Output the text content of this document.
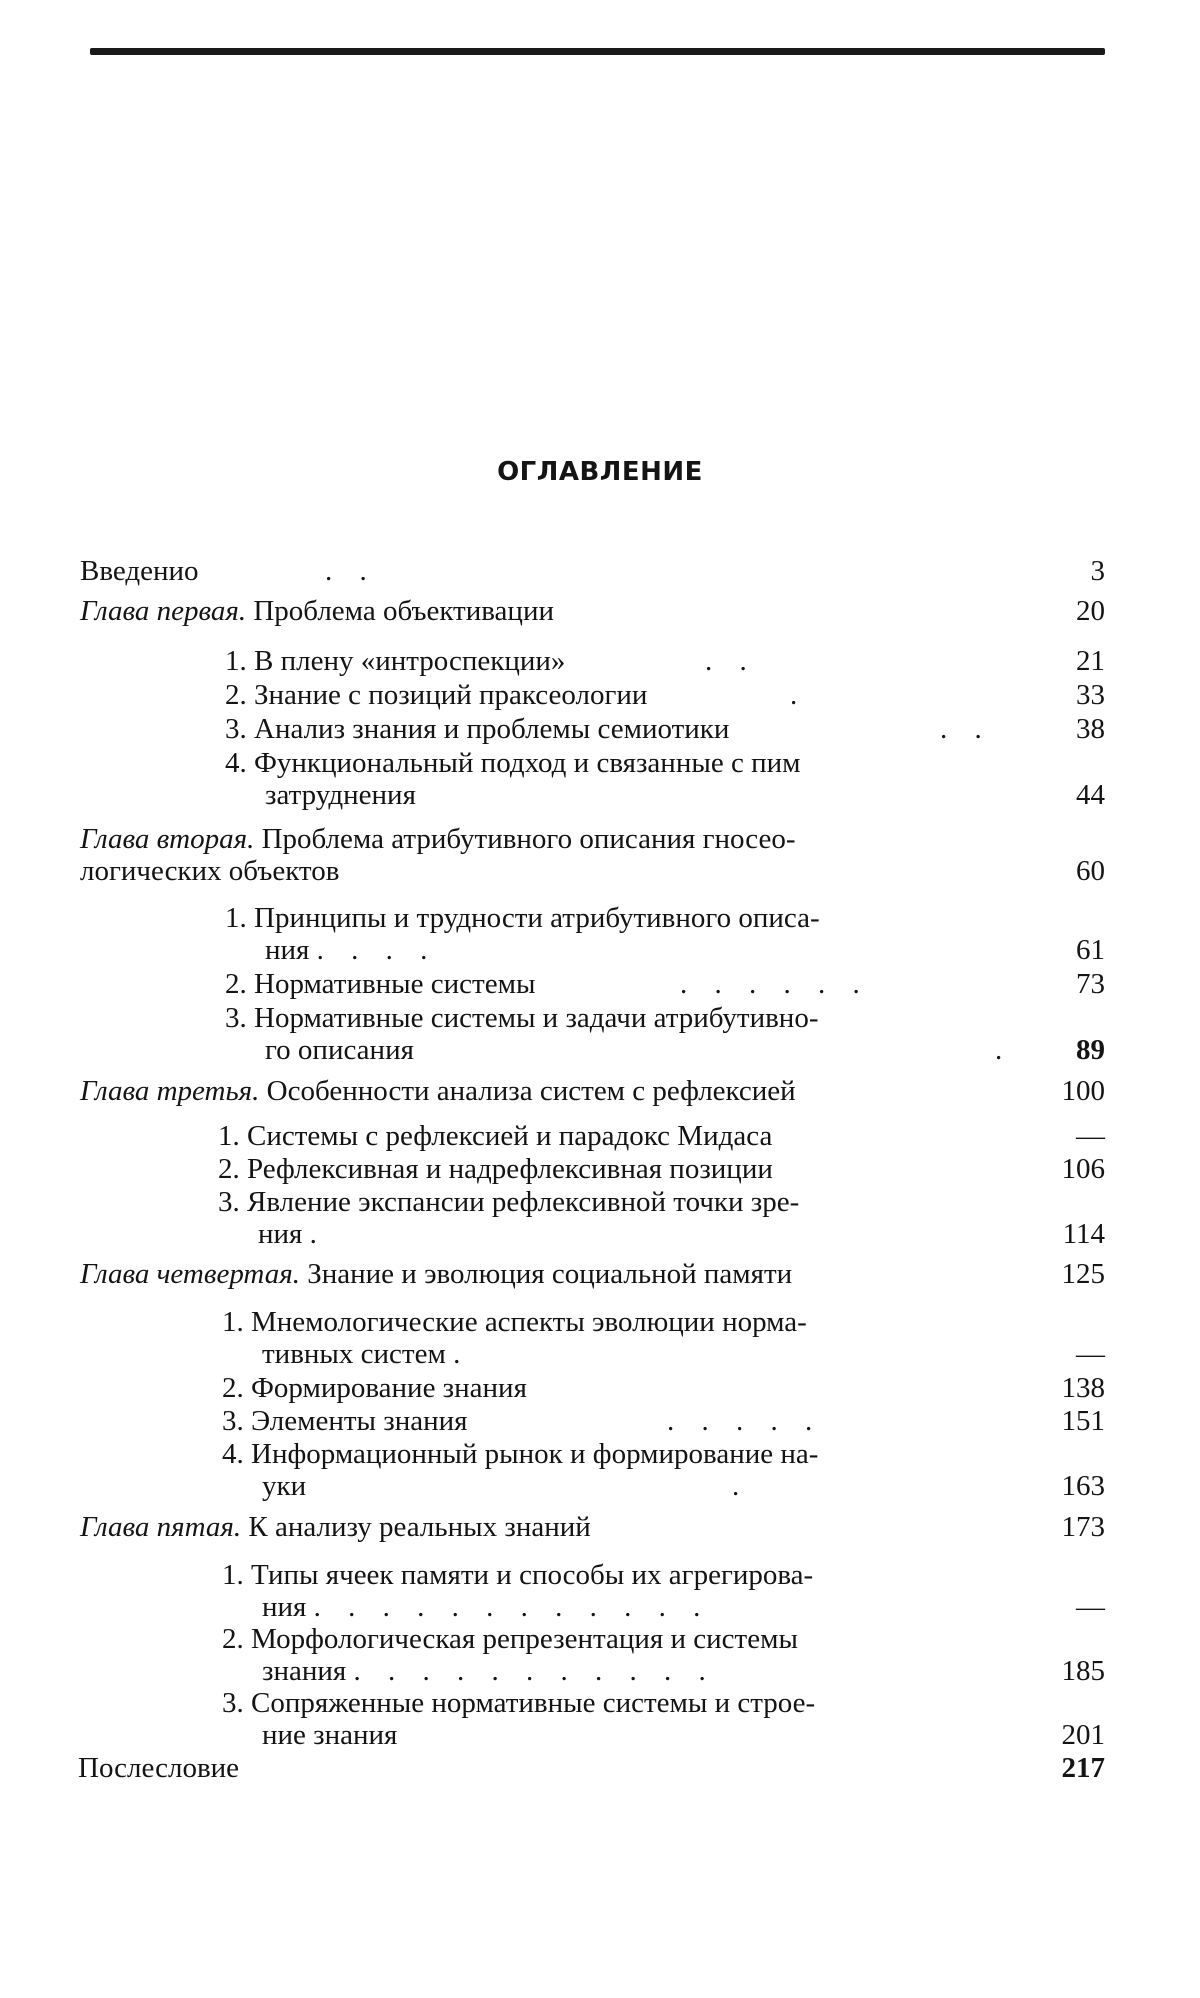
ОГЛАВЛЕНИЕ
Введенио	. .	3
Глава первая. Проблема объективации	20
1. В плену «интроспекции»	. .	21
2. Знание с позиций праксеологии	.	33
3. Анализ знания и проблемы семиотики	. .	38
4. Функциональный подход и связанные с пим
затруднения	44
Глава вторая. Проблема атрибутивного описания гносео-
логических объектов	60
1. Принципы и трудности атрибутивного описа-
ния . . . .	61
2. Нормативные системы	. . . . . .	73
3. Нормативные системы и задачи атрибутивно-
го описания	.	89
Глава третья. Особенности анализа систем с рефлексией	100
1. Системы с рефлексией и парадокс Мидаса	—
2. Рефлексивная и надрефлексивная позиции	106
3. Явление экспансии рефлексивной точки зре-
ния .	114
Глава четвертая. Знание и эволюция социальной памяти	125
1. Мнемологические аспекты эволюции норма-
тивных систем .	—
2. Формирование знания	138
3. Элементы знания	. . . . .	151
4. Информационный рынок и формирование на-
уки	.	163
Глава пятая. К анализу реальных знаний	173
1. Типы ячеек памяти и способы их агрегирова-
ния . . . . . . . . . . . .	—
2. Морфологическая репрезентация и системы
знания . . . . . . . . . . .	185
3. Сопряженные нормативные системы и строе-
ние знания	201
Послесловие	217
